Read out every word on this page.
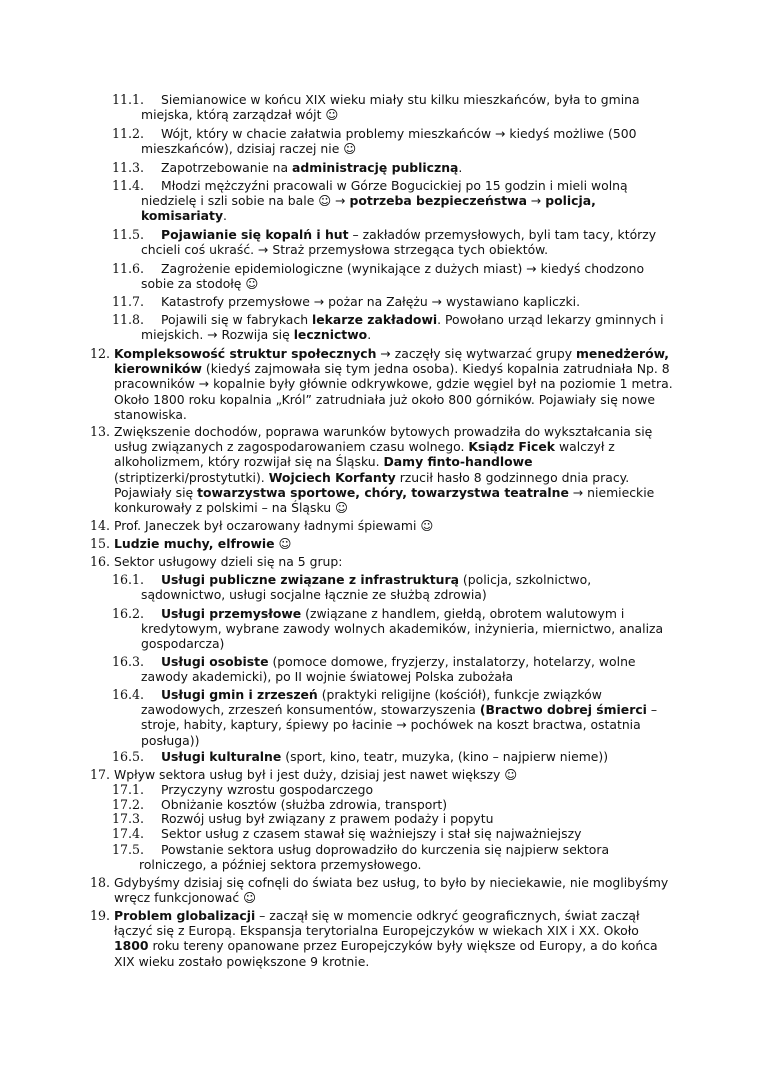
11.1.	Siemianowice w końcu XIX wieku miały stu kilku mieszkańców, była to gmina miejska, którą zarządzał wójt ☺
11.2.	Wójt, który w chacie załatwia problemy mieszkańców → kiedyś możliwe (500 mieszkańców), dzisiaj raczej nie ☺
11.3.	Zapotrzebowanie na administrację publiczną.
11.4.	Młodzi mężczyźni pracowali w Górze Bogucickiej po 15 godzin i mieli wolną niedzielę i szli sobie na bale ☺ → potrzeba bezpieczeństwa → policja, komisariaty.
11.5.	Pojawianie się kopalń i hut – zakładów przemysłowych, byli tam tacy, którzy chcieli coś ukraść. → Straż przemysłowa strzegąca tych obiektów.
11.6.	Zagrożenie epidemiologiczne (wynikające z dużych miast) → kiedyś chodzono sobie za stodołę ☺
11.7.	Katastrofy przemysłowe → pożar na Załężu → wystawiano kapliczki.
11.8.	Pojawili się w fabrykach lekarze zakładowi. Powołano urząd lekarzy gminnych i miejskich. → Rozwija się lecznictwo.
12. Kompleksowość struktur społecznych → zaczęły się wytwarzać grupy menedżerów, kierowników (kiedyś zajmowała się tym jedna osoba). Kiedyś kopalnia zatrudniała Np. 8 pracowników → kopalnie były głównie odkrywkowe, gdzie węgiel był na poziomie 1 metra. Około 1800 roku kopalnia „Król” zatrudniała już około 800 górników. Pojawiały się nowe stanowiska.
13. Zwiększenie dochodów, poprawa warunków bytowych prowadziła do wykształcania się usług związanych z zagospodarowaniem czasu wolnego. Ksiądz Ficek walczył z alkoholizmem, który rozwijał się na Śląsku. Damy finto-handlowe (striptizerki/prostytutki). Wojciech Korfanty rzucił hasło 8 godzinnego dnia pracy. Pojawiały się towarzystwa sportowe, chóry, towarzystwa teatralne → niemieckie konkurowały z polskimi – na Śląsku ☺
14. Prof. Janeczek był oczarowany ładnymi śpiewami ☺
15. Ludzie muchy, elfrowie ☺
16. Sektor usługowy dzieli się na 5 grup:
16.1.	Usługi publiczne związane z infrastrukturą (policja, szkolnictwo, sądownictwo, usługi socjalne łącznie ze służbą zdrowia)
16.2.	Usługi przemysłowe (związane z handlem, giełdą, obrotem walutowym i kredytowym, wybrane zawody wolnych akademików, inżynieria, miernictwo, analiza gospodarcza)
16.3.	Usługi osobiste (pomoce domowe, fryzjerzy, instalatorzy, hotelarzy, wolne zawody akademicki), po II wojnie światowej Polska zubożała
16.4.	Usługi gmin i zrzeszeń (praktyki religijne (kościół), funkcje związków zawodowych, zrzeszeń konsumentów, stowarzyszenia (Bractwo dobrej śmierci – stroje, habity, kaptury, śpiewy po łacinie → pochówek na koszt bractwa, ostatnia posługa))
16.5.	Usługi kulturalne (sport, kino, teatr, muzyka, (kino – najpierw nieme))
17. Wpływ sektora usług był i jest duży, dzisiaj jest nawet większy ☺
17.1.	Przyczyny wzrostu gospodarczego
17.2.	Obniżanie kosztów (służba zdrowia, transport)
17.3.	Rozwój usług był związany z prawem podaży i popytu
17.4.	Sektor usług z czasem stawał się ważniejszy i stał się najważniejszy
17.5.	Powstanie sektora usług doprowadziło do kurczenia się najpierw sektora rolniczego, a później sektora przemysłowego.
18. Gdybyśmy dzisiaj się cofnęli do świata bez usług, to było by nieciekawie, nie moglibyśmy wręcz funkcjonować ☺
19. Problem globalizacji – zaczął się w momencie odkryć geograficznych, świat zaczął łączyć się z Europą. Ekspansja terytorialna Europejczyków w wiekach XIX i XX. Około 1800 roku tereny opanowane przez Europejczyków były większe od Europy, a do końca XIX wieku zostało powiększone 9 krotnie.
